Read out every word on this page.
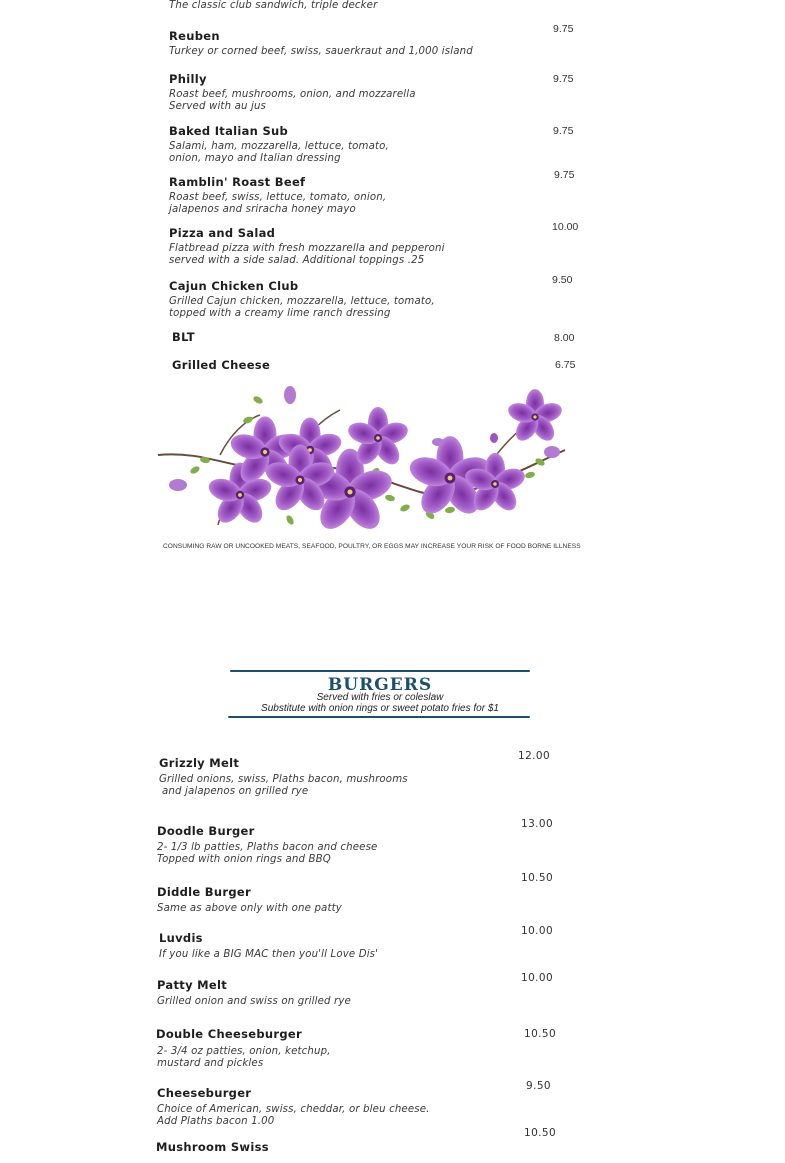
The classic club sandwich, triple decker
Reuben
Turkey or corned beef, swiss, sauerkraut and 1,000 island
9.75
Philly
Roast beef, mushrooms, onion, and mozzarella
Served with au jus
9.75
Baked Italian Sub
Salami, ham, mozzarella, lettuce, tomato,
onion, mayo and Italian dressing
9.75
Ramblin' Roast Beef
Roast beef, swiss, lettuce, tomato, onion,
jalapenos and sriracha honey mayo
9.75
Pizza and Salad
Flatbread pizza with fresh mozzarella and pepperoni
served with a side salad. Additional toppings .25
10.00
Cajun Chicken Club
Grilled Cajun chicken, mozzarella, lettuce, tomato,
topped with a creamy lime ranch dressing
9.50
BLT	8.00
Grilled Cheese	6.75
CONSUMING RAW OR UNCOOKED MEATS, SEAFOOD, POULTRY, OR EGGS MAY INCREASE YOUR RISK OF FOOD BORNE ILLNESS
BURGERS
Served with fries or coleslaw
Substitute with onion rings or sweet potato fries for $1
Grizzly Melt
Grilled onions, swiss, Plaths bacon, mushrooms
and jalapenos on grilled rye
12.00
Doodle Burger
2- 1/3 lb patties, Plaths bacon and cheese
Topped with onion rings and BBQ
13.00
Diddle Burger
Same as above only with one patty
10.50
Luvdis
If you like a BIG MAC then you'll Love Dis'
10.00
Patty Melt
Grilled onion and swiss on grilled rye
10.00
Double Cheeseburger
2- 3/4 oz patties, onion, ketchup,
mustard and pickles
10.50
Cheeseburger
Choice of American, swiss, cheddar, or bleu cheese.
Add Plaths bacon 1.00
9.50
Mushroom Swiss
10.50
